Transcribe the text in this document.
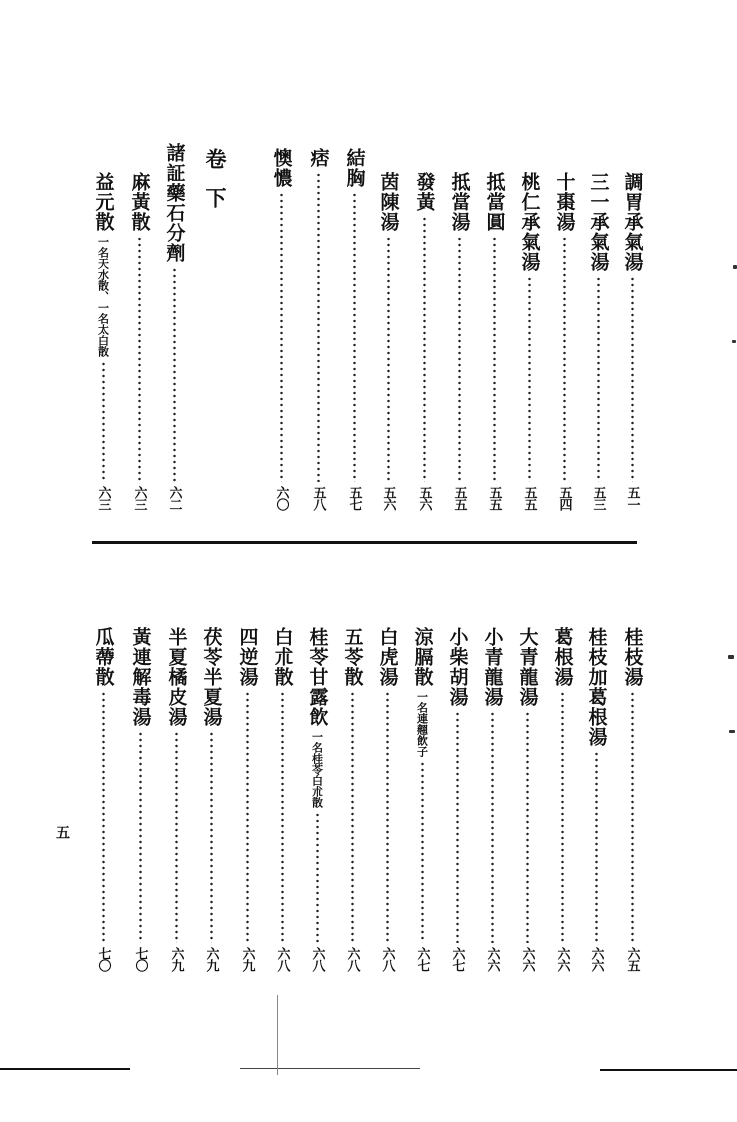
調胃承氣湯
五一
三一承氣湯
五三
十棗湯
五四
桃仁承氣湯
五五
抵當圓
五五
抵當湯
五五
發黃
五六
茵陳湯
五六
結胸
五七
痞
五八
懊憹
六〇
卷下
諸証藥石分劑
六二
麻黃散
六三
益元散
一名天水散、一名太白散
六三
桂枝湯
六五
桂枝加葛根湯
六六
葛根湯
六六
大青龍湯
六六
小青龍湯
六六
小柴胡湯
六七
涼膈散
一名連翹飲子
六七
白虎湯
六八
五苓散
六八
桂苓甘露飲
一名桂苓白朮散
六八
白朮散
六八
四逆湯
六九
茯苓半夏湯
六九
半夏橘皮湯
六九
黃連解毒湯
七〇
瓜蔕散
七〇
五
